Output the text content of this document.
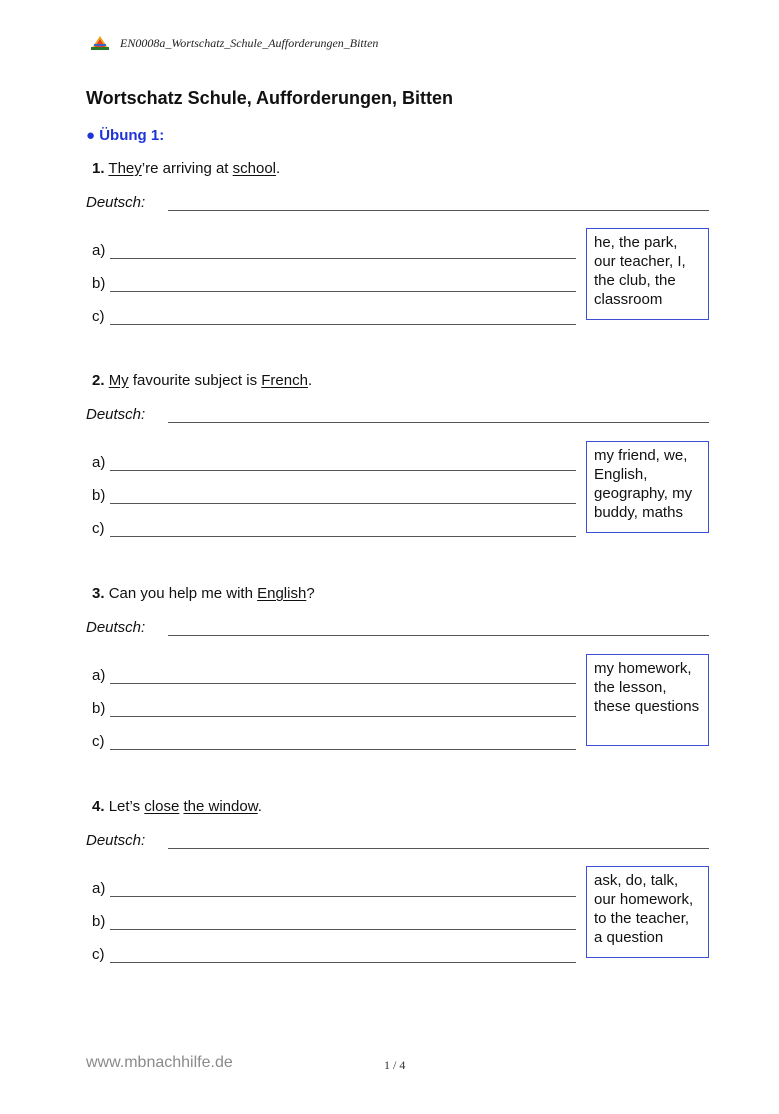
EN0008a_Wortschatz_Schule_Aufforderungen_Bitten
Wortschatz Schule, Aufforderungen, Bitten
● Übung 1:
1. They’re arriving at school.
Deutsch:
a)
b)
c)
he, the park, our teacher, I, the club, the classroom
2. My favourite subject is French.
Deutsch:
a)
b)
c)
my friend, we, English, geography, my buddy, maths
3. Can you help me with English?
Deutsch:
a)
b)
c)
my homework, the lesson, these questions
4. Let’s close the window.
Deutsch:
a)
b)
c)
ask, do, talk, our homework, to the teacher, a question
www.mbnachhilfe.de	1 / 4
